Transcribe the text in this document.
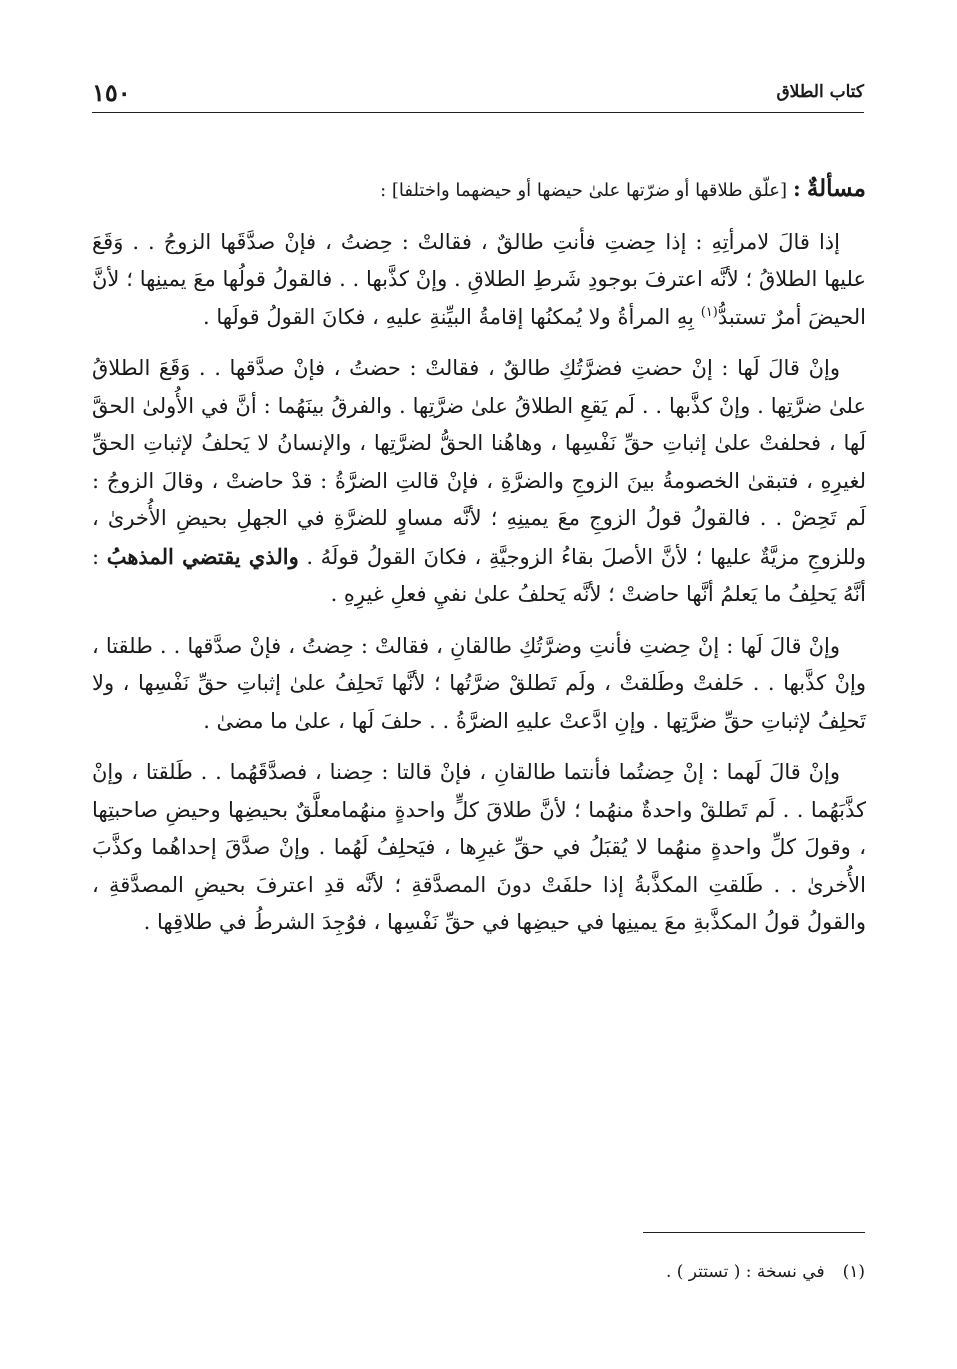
١٥٠	كتاب الطلاق

مسألةٌ:[علّق طلاقها أو ضرّتها علىٰ حيضها أو حيضهما واختلفا] :

إذا قالَ لامرأتِهِ : إذا حِضتِ فأنتِ طالقٌ ، فقالتْ : حِضتُ ، فإنْ صدَّقَها الزوجُ . . وَقَعَ عليها الطلاقُ ؛ لأنَّه اعترفَ بوجودِ شَرطِ الطلاقِ . وإنْ كذَّبها . . فالقولُ قولُها معَ يمينِها ؛ لأنَّ الحيضَ أمرٌ تستبدُّ$^{(١)}$ بِهِ المرأةُ ولا يُمكنُها إقامةُ البيِّنةِ عليهِ ، فكانَ القولُ قولَها .

وإنْ قالَ لَها : إنْ حضتِ فضرَّتُكِ طالقٌ ، فقالتْ : حضتُ ، فإنْ صدَّقها . . وَقَعَ الطلاقُ علىٰ ضرَّتِها . وإنْ كذَّبها . . لَم يَقعِ الطلاقُ علىٰ ضرَّتِها . والفرقُ بينَهُما : أنَّ في الأُولىٰ الحقَّ لَها ، فحلفتْ علىٰ إثباتِ حقِّ نَفْسِها ، وهاهُنا الحقُّ لضرَّتِها ، والإنسانُ لا يَحلفُ لإثباتِ الحقِّ لغيرِهِ ، فتبقىٰ الخصومةُ بينَ الزوجِ والضرَّةِ ، فإنْ قالتِ الضرَّةُ : قدْ حاضتْ ، وقالَ الزوجُ : لَم تَحِضْ . . فالقولُ قولُ الزوجِ معَ يمينِهِ ؛ لأنَّه مساوٍ للضرَّةِ في الجهلِ بحيضِ الأُخرىٰ ، وللزوجِ مزيَّةٌ عليها ؛ لأنَّ الأصلَ بقاءُ الزوجيَّةِ ، فكانَ القولُ قولَهُ . والذي يقتضي المذهبُ : أنَّهُ يَحلِفُ ما يَعلمُ أنَّها حاضتْ ؛ لأنَّه يَحلفُ علىٰ نفيِ فعلِ غيرِهِ .

وإنْ قالَ لَها : إنْ حِضتِ فأنتِ وضرَّتُكِ طالقانِ ، فقالتْ : حِضتُ ، فإنْ صدَّقها . . طلقتا ، وإنْ كذَّبها . . حَلفتْ وطَلقتْ ، ولَم تَطلقْ ضرَّتُها ؛ لأنَّها تَحلِفُ علىٰ إثباتِ حقِّ نَفْسِها ، ولا تَحلِفُ لإثباتِ حقِّ ضرَّتِها . وإنِ ادَّعتْ عليهِ الضرَّةُ . . حلفَ لَها ، علىٰ ما مضىٰ .

وإنْ قالَ لَهما : إنْ حِضتُما فأنتما طالقانِ ، فإنْ قالتا : حِضنا ، فصدَّقَهُما . . طَلقتا ، وإنْ كذَّبَهُما . . لَم تَطلقْ واحدةٌ منهُما ؛ لأنَّ طلاقَ كلٍّ واحدةٍ منهُمامعلَّقٌ بحيضِها وحيضِ صاحبتِها ، وقولَ كلِّ واحدةٍ منهُما لا يُقبَلُ في حقِّ غيرِها ، فيَحلِفُ لَهُما . وإنْ صدَّقَ إحداهُما وكذَّبَ الأُخرىٰ . . طَلقتِ المكذَّبةُ إذا حلفَتْ دونَ المصدَّقةِ ؛ لأنَّه قدِ اعترفَ بحيضِ المصدَّقةِ ، والقولُ قولُ المكذَّبةِ معَ يمينِها في حيضِها في حقِّ نَفْسِها ، فوُجِدَ الشرطُ في طلاقِها .

(١)في نسخة : ( تستتر ) .
